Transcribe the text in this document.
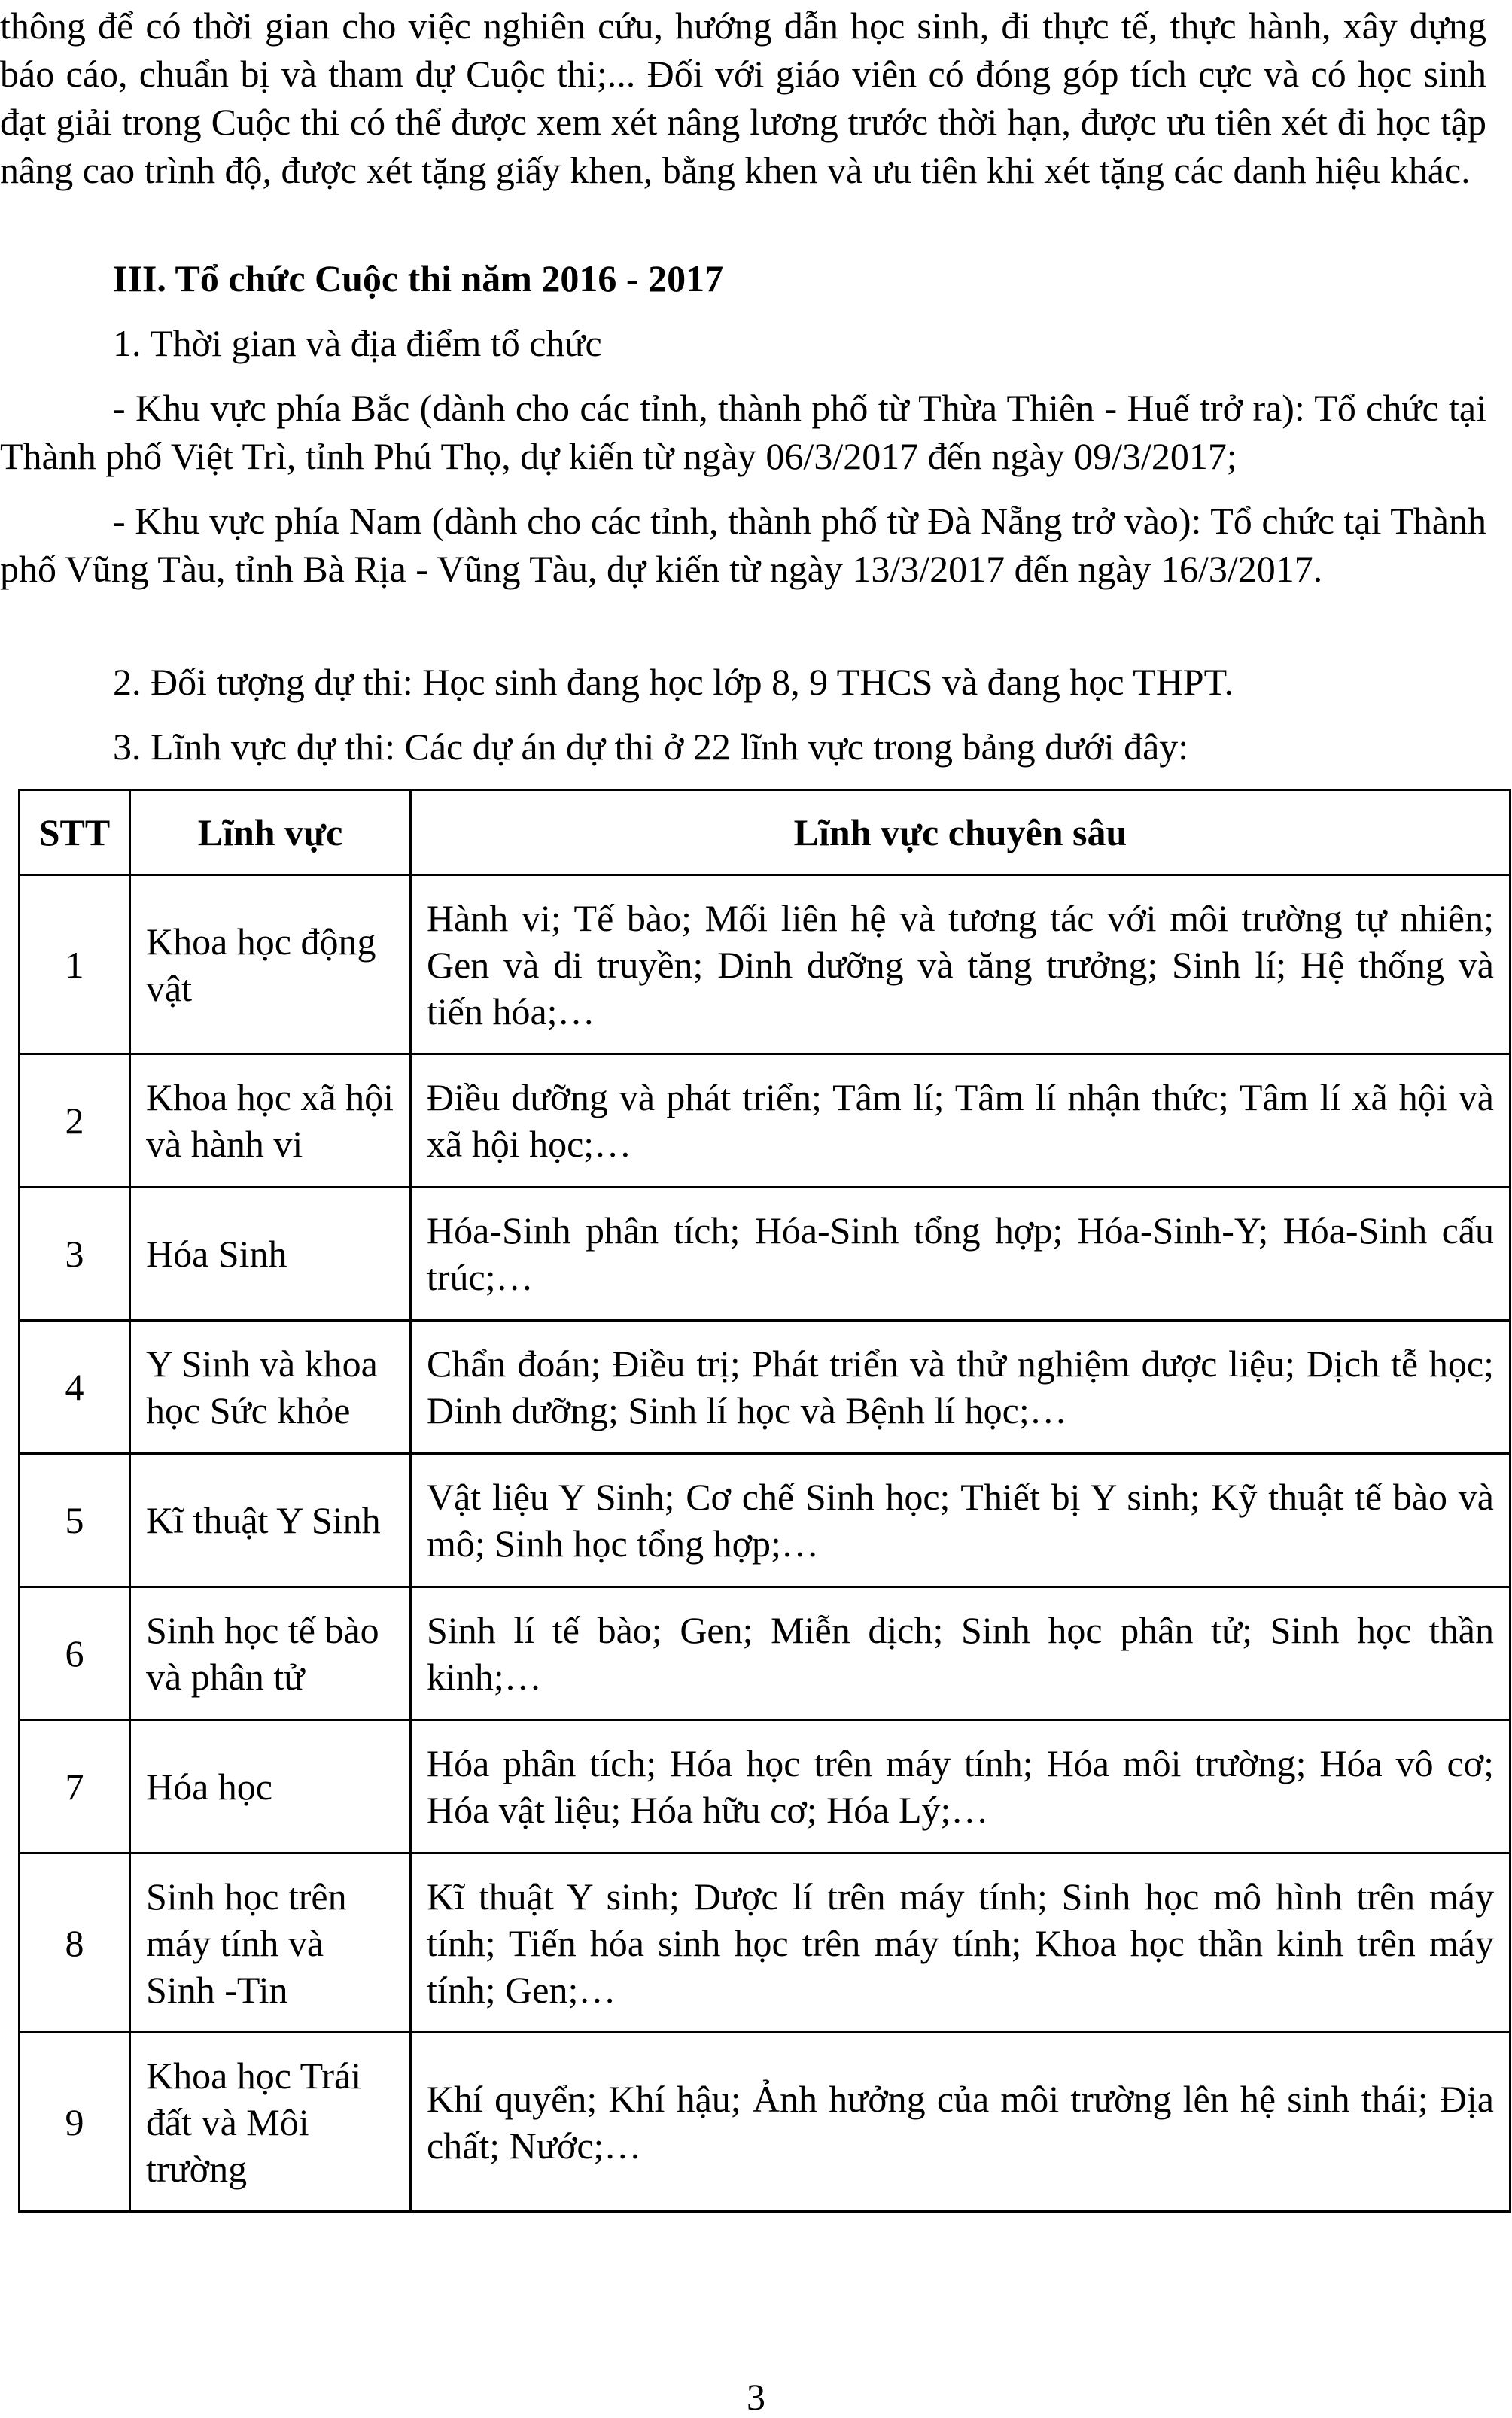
thông để có thời gian cho việc nghiên cứu, hướng dẫn học sinh, đi thực tế, thực hành, xây dựng báo cáo, chuẩn bị và tham dự Cuộc thi;... Đối với giáo viên có đóng góp tích cực và có học sinh đạt giải trong Cuộc thi có thể được xem xét nâng lương trước thời hạn, được ưu tiên xét đi học tập nâng cao trình độ, được xét tặng giấy khen, bằng khen và ưu tiên khi xét tặng các danh hiệu khác.

III. Tổ chức Cuộc thi năm 2016 - 2017

1. Thời gian và địa điểm tổ chức

- Khu vực phía Bắc (dành cho các tỉnh, thành phố từ Thừa Thiên - Huế trở ra): Tổ chức tại Thành phố Việt Trì, tỉnh Phú Thọ, dự kiến từ ngày 06/3/2017 đến ngày 09/3/2017;

- Khu vực phía Nam (dành cho các tỉnh, thành phố từ Đà Nẵng trở vào): Tổ chức tại Thành phố Vũng Tàu, tỉnh Bà Rịa - Vũng Tàu, dự kiến từ ngày 13/3/2017 đến ngày 16/3/2017.

2. Đối tượng dự thi: Học sinh đang học lớp 8, 9 THCS và đang học THPT.

3. Lĩnh vực dự thi: Các dự án dự thi ở 22 lĩnh vực trong bảng dưới đây:

STT	Lĩnh vực	Lĩnh vực chuyên sâu
1	Khoa học động vật	Hành vi; Tế bào; Mối liên hệ và tương tác với môi trường tự nhiên; Gen và di truyền; Dinh dưỡng và tăng trưởng; Sinh lí; Hệ thống và tiến hóa;…
2	Khoa học xã hội và hành vi	Điều dưỡng và phát triển; Tâm lí; Tâm lí nhận thức; Tâm lí xã hội và xã hội học;…
3	Hóa Sinh	Hóa-Sinh phân tích; Hóa-Sinh tổng hợp; Hóa-Sinh-Y; Hóa-Sinh cấu trúc;…
4	Y Sinh và khoa học Sức khỏe	Chẩn đoán; Điều trị; Phát triển và thử nghiệm dược liệu; Dịch tễ học; Dinh dưỡng; Sinh lí học và Bệnh lí học;…
5	Kĩ thuật Y Sinh	Vật liệu Y Sinh; Cơ chế Sinh học; Thiết bị Y sinh; Kỹ thuật tế bào và mô; Sinh học tổng hợp;…
6	Sinh học tế bào và phân tử	Sinh lí tế bào; Gen; Miễn dịch; Sinh học phân tử; Sinh học thần kinh;…
7	Hóa học	Hóa phân tích; Hóa học trên máy tính; Hóa môi trường; Hóa vô cơ; Hóa vật liệu; Hóa hữu cơ; Hóa Lý;…
8	Sinh học trên máy tính và Sinh -Tin	Kĩ thuật Y sinh; Dược lí trên máy tính; Sinh học mô hình trên máy tính; Tiến hóa sinh học trên máy tính; Khoa học thần kinh trên máy tính; Gen;…
9	Khoa học Trái đất và Môi trường	Khí quyển; Khí hậu; Ảnh hưởng của môi trường lên hệ sinh thái; Địa chất; Nước;…
3
